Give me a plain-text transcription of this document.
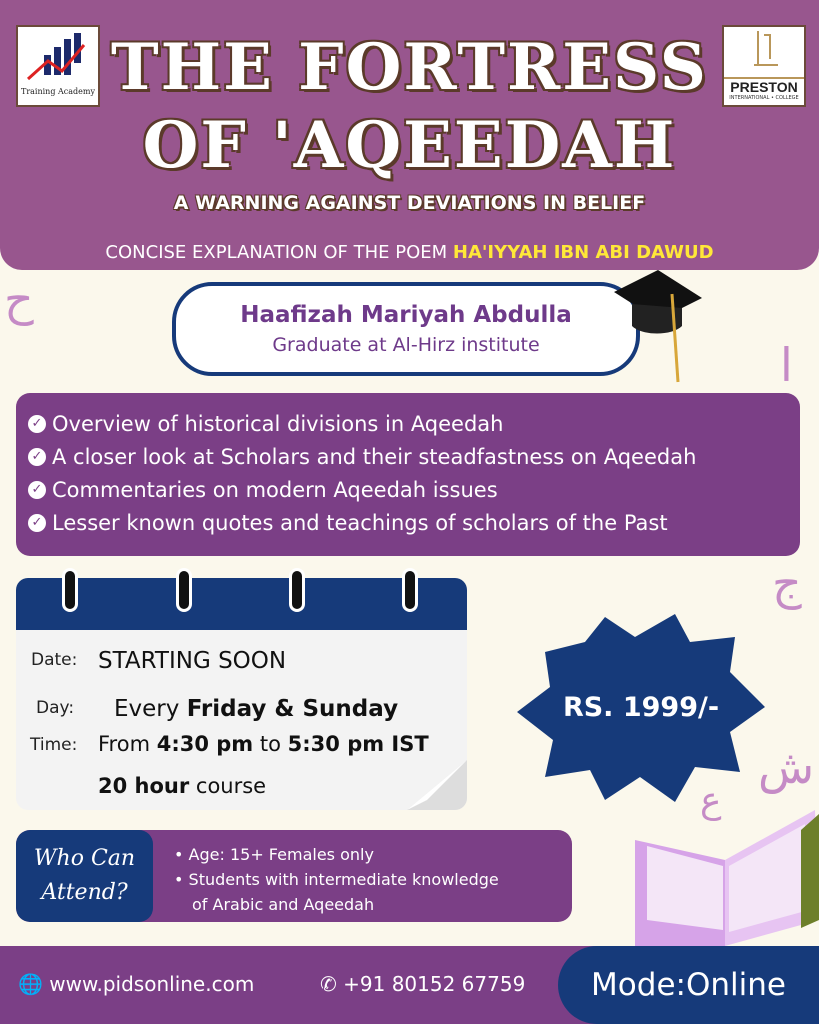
Training Academy	PRESTON
INTERNATIONAL • COLLEGE
THE FORTRESS
OF 'AQEEDAH
A WARNING AGAINST DEVIATIONS IN BELIEF
CONCISE EXPLANATION OF THE POEM HA'IYYAH IBN ABI DAWUD
ح
ا
ج
ش
ع
Haafizah Mariyah Abdulla
Graduate at Al-Hirz institute
✓ Overview of historical divisions in Aqeedah
✓ A closer look at Scholars and their steadfastness on Aqeedah
✓ Commentaries on modern Aqeedah issues
✓ Lesser known quotes and teachings of scholars of the Past
Date: STARTING SOON
Day: Every Friday & Sunday
Time: From 4:30 pm to 5:30 pm IST
20 hour course
RS. 1999/-
Who Can
Attend?
• Age: 15+ Females only
• Students with intermediate knowledge
of Arabic and Aqeedah
🌐 www.pidsonline.com	✆ +91 80152 67759	Mode:Online
